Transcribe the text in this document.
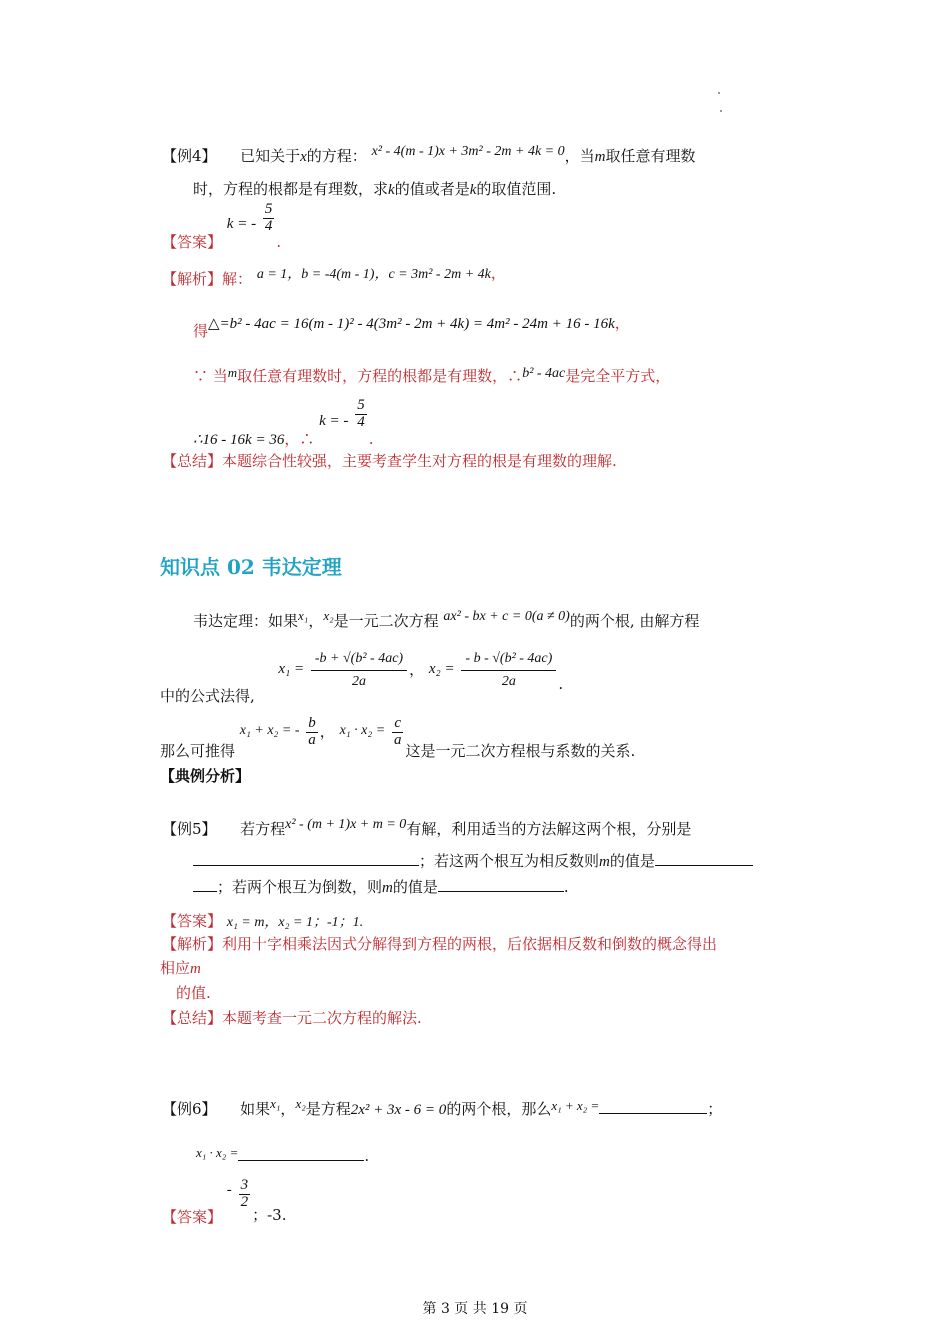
【例4】 已知关于x的方程： x² - 4(m - 1)x + 3m² - 2m + 4k = 0，当m取任意有理数
时，方程的根都是有理数，求k的值或者是k的取值范围.
【答案】 k = - $\frac{5}{4}$
.
【解析】解： a = 1，b = -4(m - 1)，c = 3m² - 2m + 4k，
得△=b² - 4ac = 16(m - 1)² - 4(3m² - 2m + 4k) = 4m² - 24m + 16 - 16k，
∵ 当m取任意有理数时，方程的根都是有理数，∴b² - 4ac是完全平方式，
∴16 - 16k = 36，∴ k = - $\frac{5}{4}$
.
【总结】本题综合性较强，主要考查学生对方程的根是有理数的理解.
知识点 02 韦达定理
韦达定理：如果x₁，x₂是一元二次方程 ax² - bx + c = 0(a ≠ 0)的两个根, 由解方程
中的公式法得,  $x_1 = \frac{\text{-b + √(b² - 4ac)}}{2a}$ ， $x_2 = \frac{\text{- b - √(b² - 4ac)}}{2a}$ .
那么可推得 x₁ + x₂ = - $\frac{b}{a}$ ， $x_1 \cdot x_2 = \frac{c}{a}$
这是一元二次方程根与系数的关系.
【典例分析】
【例5】 若方程x² - (m + 1)x + m = 0有解，利用适当的方法解这两个根，分别是
；若这两个根互为相反数则m的值是
；若两个根互为倒数，则m的值是	.
【答案】 x₁ = m，x₂ = 1；-1；1.
【解析】利用十字相乘法因式分解得到方程的两根，后依据相反数和倒数的概念得出
相应m
的值.
【总结】本题考查一元二次方程的解法.
【例6】 如果x₁，x₂是方程2x² + 3x - 6 = 0的两个根，那么x₁ + x₂ =	；
x₁ · x₂ =	.
【答案】 - $\frac{3}{2}$
；-3.
第 3 页 共 19 页
